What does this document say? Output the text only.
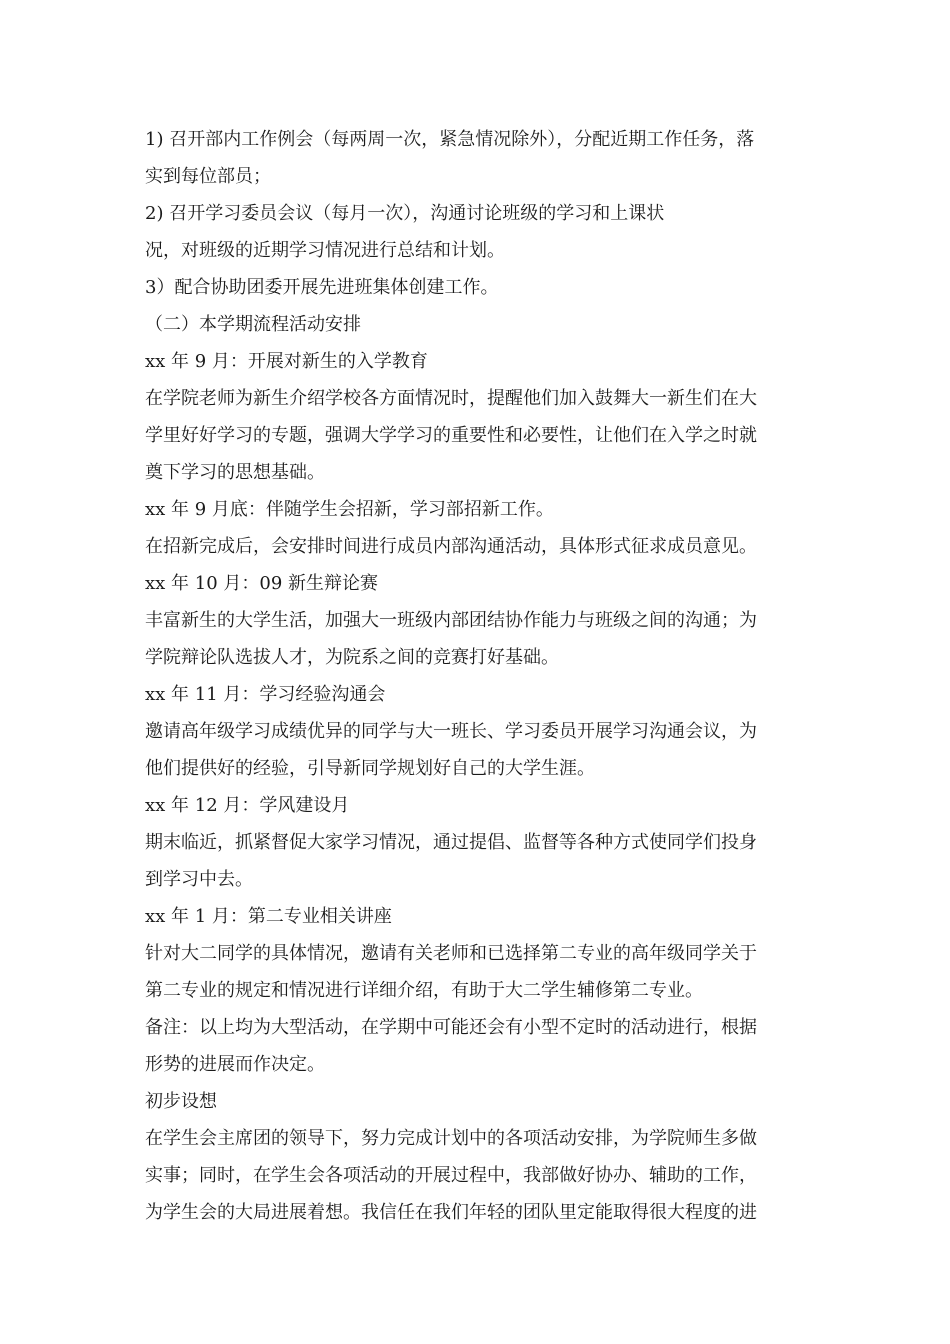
1) 召开部内工作例会（每两周一次，紧急情况除外），分配近期工作任务，落
实到每位部员；
2) 召开学习委员会议（每月一次），沟通讨论班级的学习和上课状
况，对班级的近期学习情况进行总结和计划。
3）配合协助团委开展先进班集体创建工作。
（二）本学期流程活动安排
xx 年 9 月：开展对新生的入学教育
在学院老师为新生介绍学校各方面情况时，提醒他们加入鼓舞大一新生们在大
学里好好学习的专题，强调大学学习的重要性和必要性，让他们在入学之时就
奠下学习的思想基础。
xx 年 9 月底：伴随学生会招新，学习部招新工作。
在招新完成后，会安排时间进行成员内部沟通活动，具体形式征求成员意见。
xx 年 10 月：09 新生辩论赛
丰富新生的大学生活，加强大一班级内部团结协作能力与班级之间的沟通；为
学院辩论队选拔人才，为院系之间的竞赛打好基础。
xx 年 11 月：学习经验沟通会
邀请高年级学习成绩优异的同学与大一班长、学习委员开展学习沟通会议，为
他们提供好的经验，引导新同学规划好自己的大学生涯。
xx 年 12 月：学风建设月
期末临近，抓紧督促大家学习情况，通过提倡、监督等各种方式使同学们投身
到学习中去。
xx 年 1 月：第二专业相关讲座
针对大二同学的具体情况，邀请有关老师和已选择第二专业的高年级同学关于
第二专业的规定和情况进行详细介绍，有助于大二学生辅修第二专业。
备注：以上均为大型活动，在学期中可能还会有小型不定时的活动进行，根据
形势的进展而作决定。
初步设想
在学生会主席团的领导下，努力完成计划中的各项活动安排，为学院师生多做
实事；同时，在学生会各项活动的开展过程中，我部做好协办、辅助的工作，
为学生会的大局进展着想。我信任在我们年轻的团队里定能取得很大程度的进
